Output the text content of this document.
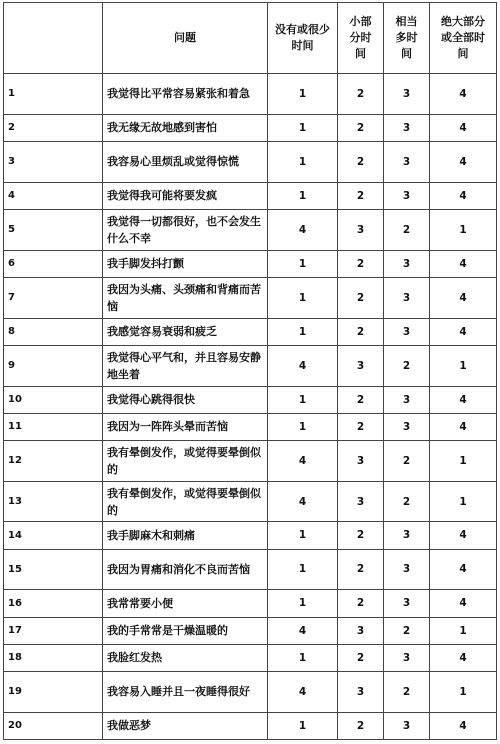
	问题	没有或很少时间	小部分时间	相当多时间	绝大部分或全部时间
1	我觉得比平常容易紧张和着急	1	2	3	4
2	我无缘无故地感到害怕	1	2	3	4
3	我容易心里烦乱或觉得惊慌	1	2	3	4
4	我觉得我可能将要发疯	1	2	3	4
5	我觉得一切都很好，也不会发生什么不幸	4	3	2	1
6	我手脚发抖打颤	1	2	3	4
7	我因为头痛、头颈痛和背痛而苦恼	1	2	3	4
8	我感觉容易衰弱和疲乏	1	2	3	4
9	我觉得心平气和，并且容易安静地坐着	4	3	2	1
10	我觉得心跳得很快	1	2	3	4
11	我因为一阵阵头晕而苦恼	1	2	3	4
12	我有晕倒发作，或觉得要晕倒似的	4	3	2	1
13	我有晕倒发作，或觉得要晕倒似的	4	3	2	1
14	我手脚麻木和刺痛	1	2	3	4
15	我因为胃痛和消化不良而苦恼	1	2	3	4
16	我常常要小便	1	2	3	4
17	我的手常常是干燥温暖的	4	3	2	1
18	我脸红发热	1	2	3	4
19	我容易入睡并且一夜睡得很好	4	3	2	1
20	我做恶梦	1	2	3	4
